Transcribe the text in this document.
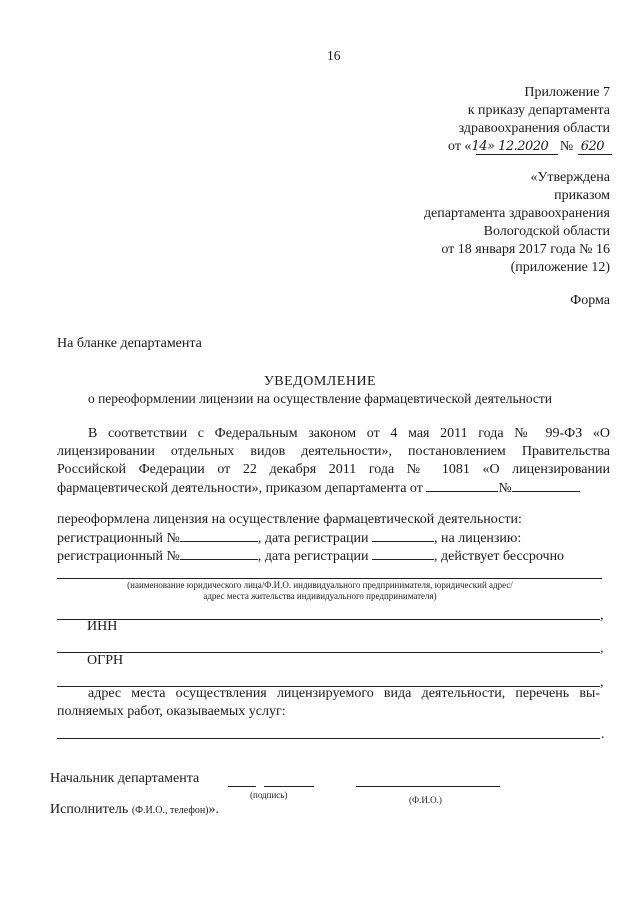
16
Приложение 7
к приказу департамента
здравоохранения области
от «14» 12.2020 № 620
«Утверждена
приказом
департамента здравоохранения
Вологодской области
от 18 января 2017 года № 16
(приложение 12)
Форма
На бланке департамента
УВЕДОМЛЕНИЕ
о переоформлении лицензии на осуществление фармацевтической деятельности
В соответствии с Федеральным законом от 4 мая 2011 года № 99-ФЗ «О
лицензировании отдельных видов деятельности», постановлением Правительства
Российской Федерации от 22 декабря 2011 года № 1081 «О лицензировании
фармацевтической деятельности», приказом департамента от	№
переоформлена лицензия на осуществление фармацевтической деятельности:
регистрационный №	, дата регистрации	, на лицензию:
регистрационный №	, дата регистрации	, действует бессрочно
(наименование юридического лица/Ф.И.О. индивидуального предпринимателя, юридический адрес/
адрес места жительства индивидуального предпринимателя)
,
ИНН
,
ОГРН
,
адрес места осуществления лицензируемого вида деятельности, перечень вы-
полняемых работ, оказываемых услуг:
.
Начальник департамента
(подпись)	(Ф.И.О.)
Исполнитель (Ф.И.О., телефон)».
